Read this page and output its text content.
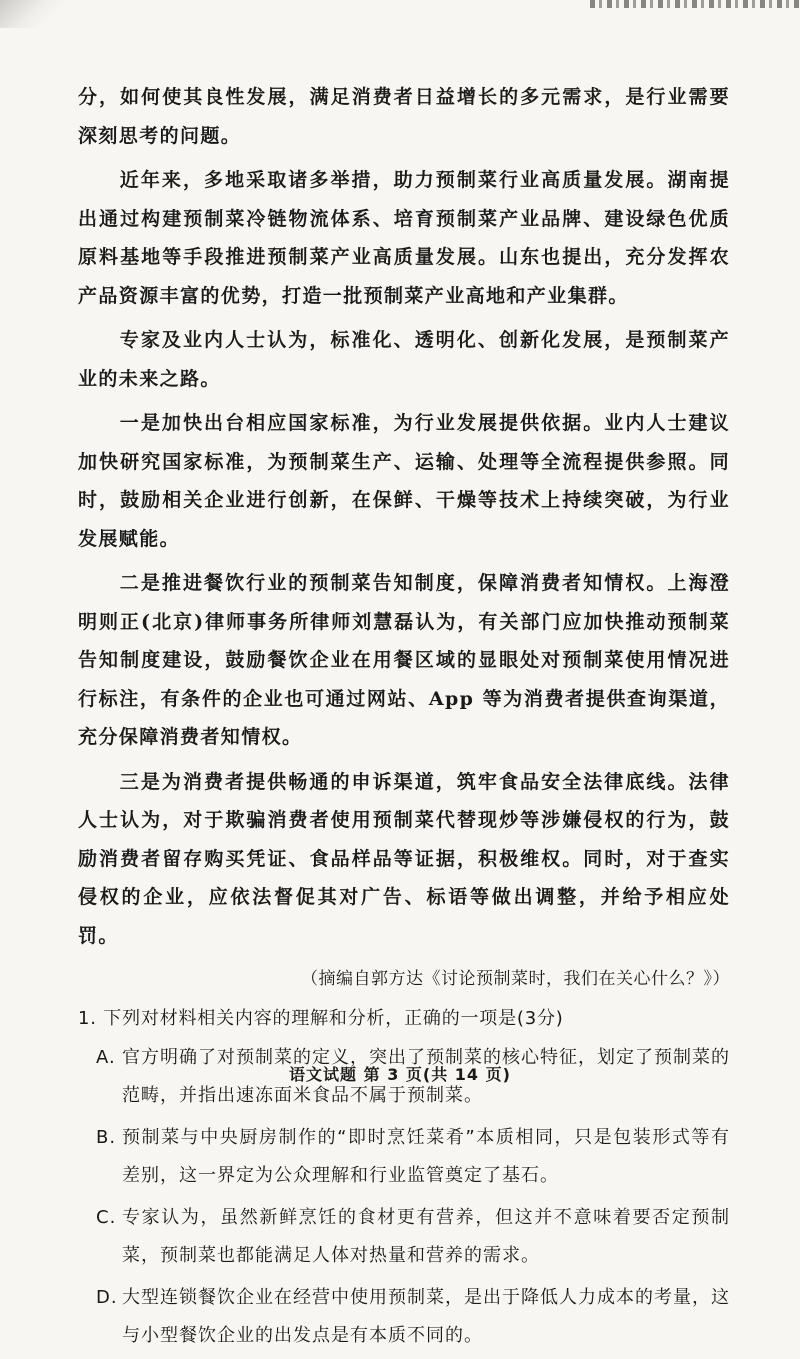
分，如何使其良性发展，满足消费者日益增长的多元需求，是行业需要深刻思考的问题。

近年来，多地采取诸多举措，助力预制菜行业高质量发展。湖南提出通过构建预制菜冷链物流体系、培育预制菜产业品牌、建设绿色优质原料基地等手段推进预制菜产业高质量发展。山东也提出，充分发挥农产品资源丰富的优势，打造一批预制菜产业高地和产业集群。

专家及业内人士认为，标准化、透明化、创新化发展，是预制菜产业的未来之路。

一是加快出台相应国家标准，为行业发展提供依据。业内人士建议加快研究国家标准，为预制菜生产、运输、处理等全流程提供参照。同时，鼓励相关企业进行创新，在保鲜、干燥等技术上持续突破，为行业发展赋能。

二是推进餐饮行业的预制菜告知制度，保障消费者知情权。上海澄明则正(北京)律师事务所律师刘慧磊认为，有关部门应加快推动预制菜告知制度建设，鼓励餐饮企业在用餐区域的显眼处对预制菜使用情况进行标注，有条件的企业也可通过网站、App 等为消费者提供查询渠道，充分保障消费者知情权。

三是为消费者提供畅通的申诉渠道，筑牢食品安全法律底线。法律人士认为，对于欺骗消费者使用预制菜代替现炒等涉嫌侵权的行为，鼓励消费者留存购买凭证、食品样品等证据，积极维权。同时，对于查实侵权的企业，应依法督促其对广告、标语等做出调整，并给予相应处罚。

（摘编自郭方达《讨论预制菜时，我们在关心什么？》）

1. 下列对材料相关内容的理解和分析，正确的一项是(3分)

A. 官方明确了对预制菜的定义，突出了预制菜的核心特征，划定了预制菜的范畴，并指出速冻面米食品不属于预制菜。
B. 预制菜与中央厨房制作的“即时烹饪菜肴”本质相同，只是包装形式等有差别，这一界定为公众理解和行业监管奠定了基石。
C. 专家认为，虽然新鲜烹饪的食材更有营养，但这并不意味着要否定预制菜，预制菜也都能满足人体对热量和营养的需求。
D. 大型连锁餐饮企业在经营中使用预制菜，是出于降低人力成本的考量，这与小型餐饮企业的出发点是有本质不同的。
语文试题 第 3 页(共 14 页)
